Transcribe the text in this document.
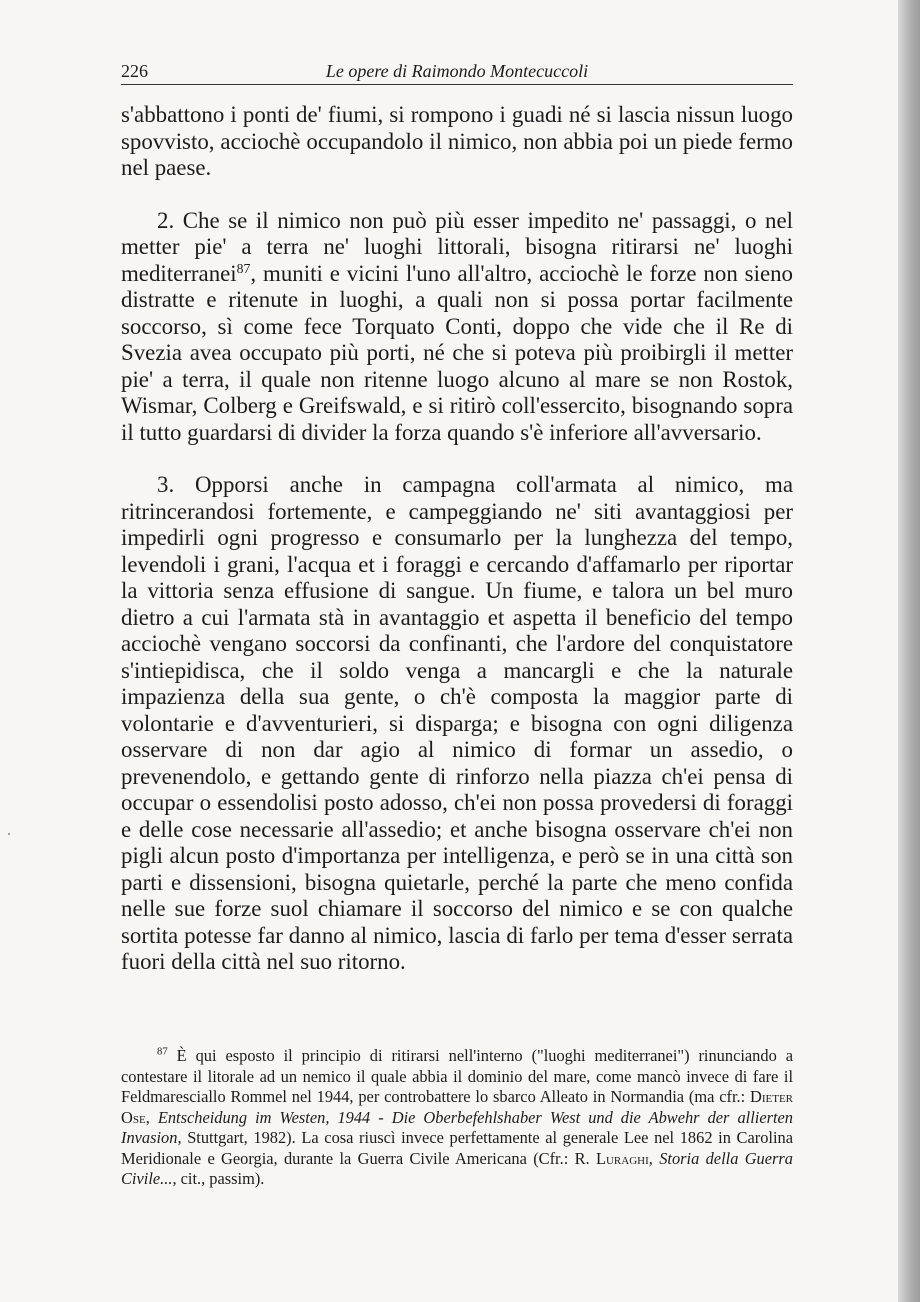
226	Le opere di Raimondo Montecuccoli

s'abbattono i ponti de' fiumi, si rompono i guadi né si lascia nissun luogo spovvisto, acciochè occupandolo il nimico, non abbia poi un piede fermo nel paese.

2. Che se il nimico non può più esser impedito ne' passaggi, o nel metter pie' a terra ne' luoghi littorali, bisogna ritirarsi ne' luoghi mediterranei$^{87}$, muniti e vicini l'uno all'altro, acciochè le forze non sieno distratte e ritenute in luoghi, a quali non si possa portar facilmente soccorso, sì come fece Torquato Conti, doppo che vide che il Re di Svezia avea occupato più porti, né che si poteva più proibirgli il metter pie' a terra, il quale non ritenne luogo alcuno al mare se non Rostok, Wismar, Colberg e Greifswald, e si ritirò coll'essercito, bisognando sopra il tutto guardarsi di divider la forza quando s'è inferiore all'avversario.

3. Opporsi anche in campagna coll'armata al nimico, ma ritrincerandosi fortemente, e campeggiando ne' siti avantaggiosi per impedirli ogni progresso e consumarlo per la lunghezza del tempo, levendoli i grani, l'acqua et i foraggi e cercando d'affamarlo per riportar la vittoria senza effusione di sangue. Un fiume, e talora un bel muro dietro a cui l'armata stà in avantaggio et aspetta il beneficio del tempo acciochè vengano soccorsi da confinanti, che l'ardore del conquistatore s'intiepidisca, che il soldo venga a mancargli e che la naturale impazienza della sua gente, o ch'è composta la maggior parte di volontarie e d'avventurieri, si disparga; e bisogna con ogni diligenza osservare di non dar agio al nimico di formar un assedio, o prevenendolo, e gettando gente di rinforzo nella piazza ch'ei pensa di occupar o essendolisi posto adosso, ch'ei non possa provedersi di foraggi e delle cose necessarie all'assedio; et anche bisogna osservare ch'ei non pigli alcun posto d'importanza per intelligenza, e però se in una città son parti e dissensioni, bisogna quietarle, perché la parte che meno confida nelle sue forze suol chiamare il soccorso del nimico e se con qualche sortita potesse far danno al nimico, lascia di farlo per tema d'esser serrata fuori della città nel suo ritorno.

$^{87}$ È qui esposto il principio di ritirarsi nell'interno ("luoghi mediterranei") rinunciando a contestare il litorale ad un nemico il quale abbia il dominio del mare, come mancò invece di fare il Feldmaresciallo Rommel nel 1944, per controbattere lo sbarco Alleato in Normandia (ma cfr.: Dieter Ose, Entscheidung im Westen, 1944 - Die Oberbefehlshaber West und die Abwehr der allierten Invasion, Stuttgart, 1982). La cosa riuscì invece perfettamente al generale Lee nel 1862 in Carolina Meridionale e Georgia, durante la Guerra Civile Americana (Cfr.: R. Luraghi, Storia della Guerra Civile..., cit., passim).
